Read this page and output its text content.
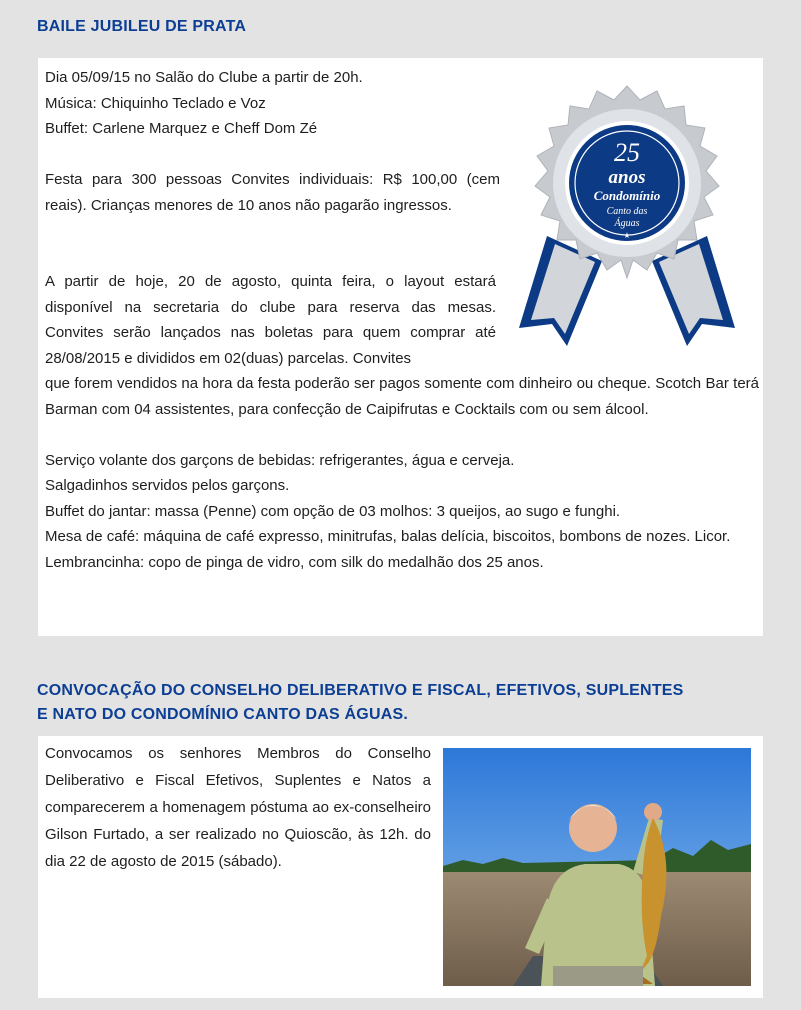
BAILE JUBILEU DE PRATA

Dia 05/09/15 no Salão do Clube a partir de 20h.
Música: Chiquinho Teclado e Voz
Buffet: Carlene Marquez e Cheff Dom Zé

Festa para 300 pessoas Convites individuais: R$ 100,00 (cem reais). Crianças menores de 10 anos não pagarão ingressos.

A partir de hoje, 20 de agosto, quinta feira, o layout estará disponível na secretaria do clube para reserva das mesas. Convites serão lançados nas boletas para quem comprar até 28/08/2015 e divididos em 02(duas) parcelas. Convites

que forem vendidos na hora da festa poderão ser pagos somente com dinheiro ou cheque. Scotch Bar terá Barman com 04 assistentes, para confecção de Caipifrutas e Cocktails com ou sem álcool.

Serviço volante dos garçons de bebidas: refrigerantes, água e cerveja.
Salgadinhos servidos pelos garçons.
Buffet do jantar: massa (Penne) com opção de 03 molhos: 3 queijos, ao sugo e funghi.
Mesa de café: máquina de café expresso, minitrufas, balas delícia, biscoitos, bombons de nozes. Licor.
Lembrancinha: copo de pinga de vidro, com silk do medalhão dos 25 anos.

25
anos
Condomínio
Canto das
Águas
★
CONVOCAÇÃO DO CONSELHO DELIBERATIVO E FISCAL, EFETIVOS, SUPLENTES
E NATO DO CONDOMÍNIO CANTO DAS ÁGUAS.
Convocamos os senhores Membros do Conselho Deliberativo e Fiscal Efetivos, Suplentes e Natos a comparecerem a homenagem póstuma ao ex-conselheiro Gilson Furtado, a ser realizado no Quioscão, às 12h. do dia 22 de agosto de 2015 (sábado).
